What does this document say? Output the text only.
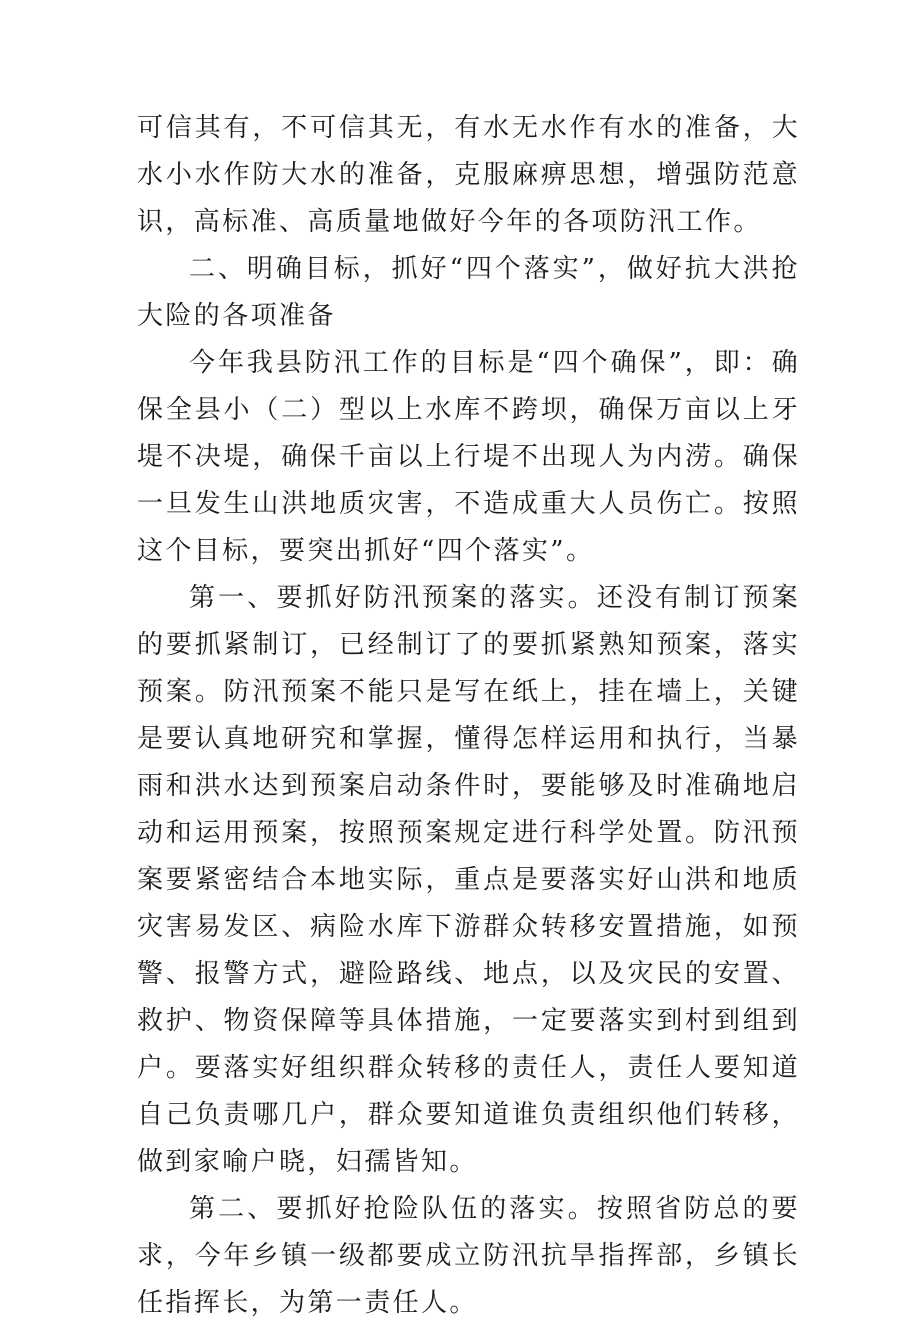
可信其有，不可信其无，有水无水作有水的准备，大水小水作防大水的准备，克服麻痹思想，增强防范意识，高标准、高质量地做好今年的各项防汛工作。

二、明确目标，抓好“四个落实”，做好抗大洪抢大险的各项准备

今年我县防汛工作的目标是“四个确保”，即：确保全县小（二）型以上水库不跨坝，确保万亩以上牙堤不决堤，确保千亩以上行堤不出现人为内涝。确保一旦发生山洪地质灾害，不造成重大人员伤亡。按照这个目标，要突出抓好“四个落实”。

第一、要抓好防汛预案的落实。还没有制订预案的要抓紧制订，已经制订了的要抓紧熟知预案，落实预案。防汛预案不能只是写在纸上，挂在墙上，关键是要认真地研究和掌握，懂得怎样运用和执行，当暴雨和洪水达到预案启动条件时，要能够及时准确地启动和运用预案，按照预案规定进行科学处置。防汛预案要紧密结合本地实际，重点是要落实好山洪和地质灾害易发区、病险水库下游群众转移安置措施，如预警、报警方式，避险路线、地点，以及灾民的安置、救护、物资保障等具体措施，一定要落实到村到组到户。要落实好组织群众转移的责任人，责任人要知道自己负责哪几户，群众要知道谁负责组织他们转移，做到家喻户晓，妇孺皆知。

第二、要抓好抢险队伍的落实。按照省防总的要求，今年乡镇一级都要成立防汛抗旱指挥部，乡镇长任指挥长，为第一责任人。
